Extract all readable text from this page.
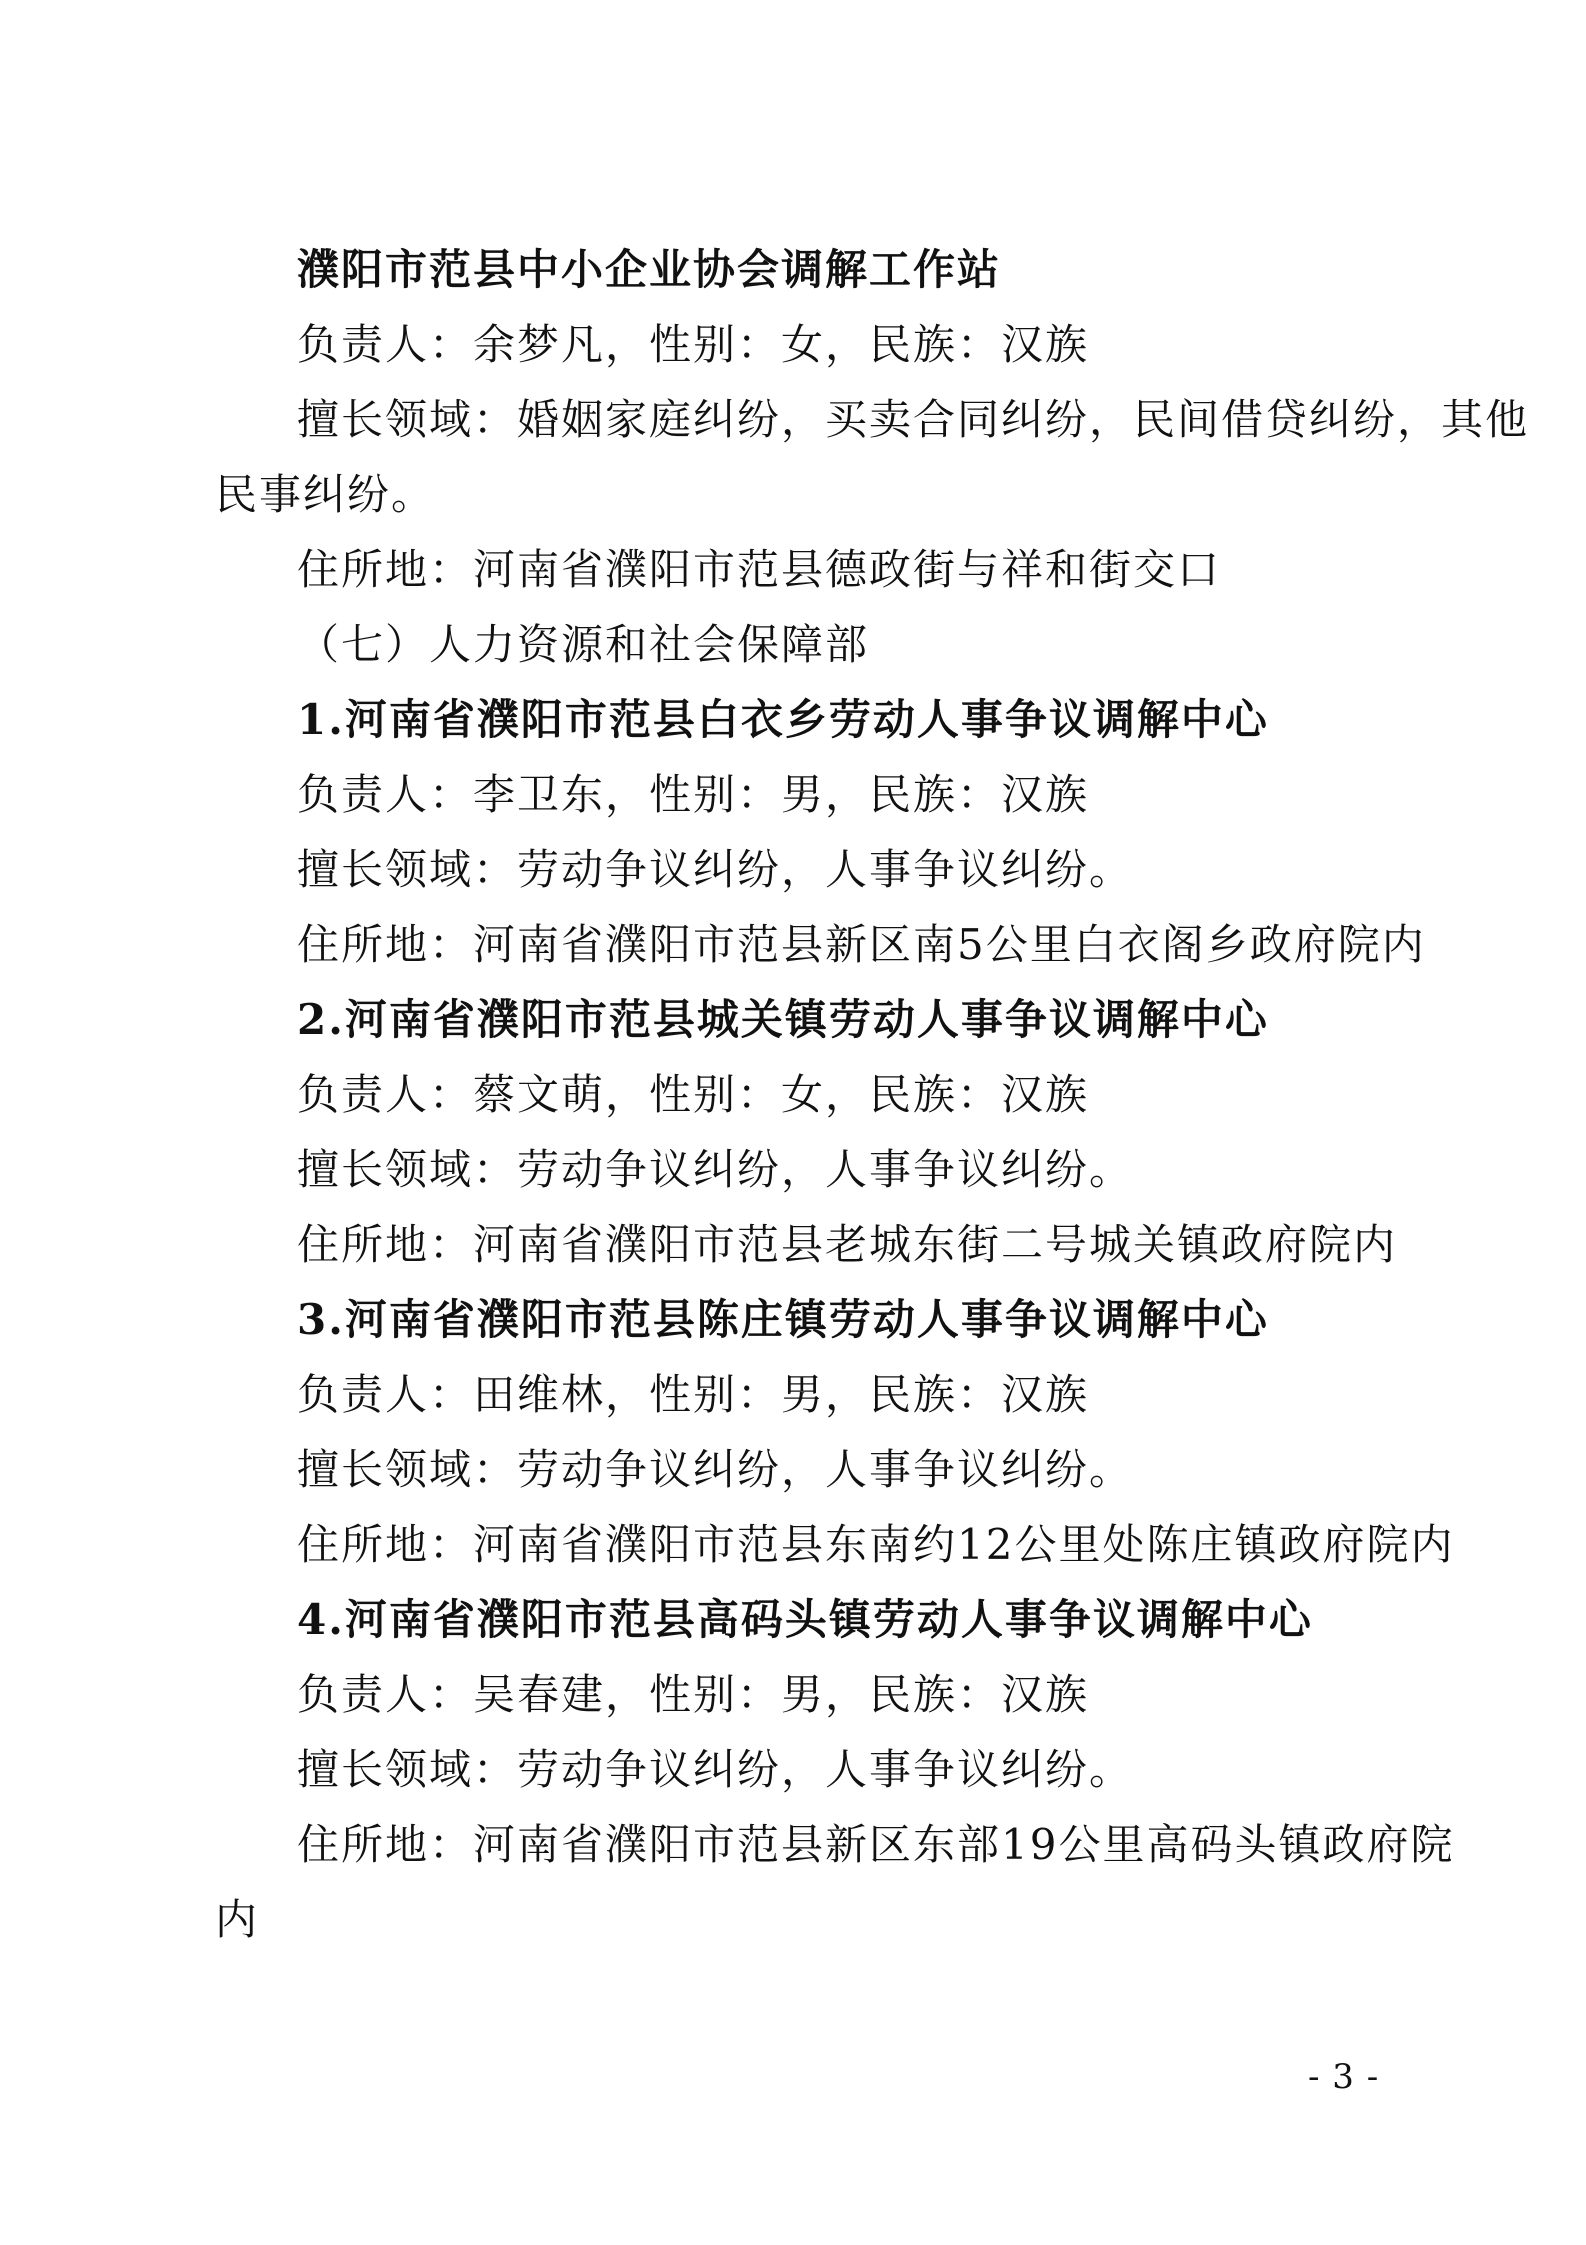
濮阳市范县中小企业协会调解工作站
负责人：余梦凡，性别：女，民族：汉族
擅长领域：婚姻家庭纠纷，买卖合同纠纷，民间借贷纠纷，其他
民事纠纷。
住所地：河南省濮阳市范县德政街与祥和街交口
（七）人力资源和社会保障部
1.河南省濮阳市范县白衣乡劳动人事争议调解中心
负责人：李卫东，性别：男，民族：汉族
擅长领域：劳动争议纠纷，人事争议纠纷。
住所地：河南省濮阳市范县新区南5公里白衣阁乡政府院内
2.河南省濮阳市范县城关镇劳动人事争议调解中心
负责人：蔡文萌，性别：女，民族：汉族
擅长领域：劳动争议纠纷，人事争议纠纷。
住所地：河南省濮阳市范县老城东街二号城关镇政府院内
3.河南省濮阳市范县陈庄镇劳动人事争议调解中心
负责人：田维林，性别：男，民族：汉族
擅长领域：劳动争议纠纷，人事争议纠纷。
住所地：河南省濮阳市范县东南约12公里处陈庄镇政府院内
4.河南省濮阳市范县高码头镇劳动人事争议调解中心
负责人：吴春建，性别：男，民族：汉族
擅长领域：劳动争议纠纷，人事争议纠纷。
住所地：河南省濮阳市范县新区东部19公里高码头镇政府院
内
- 3 -
